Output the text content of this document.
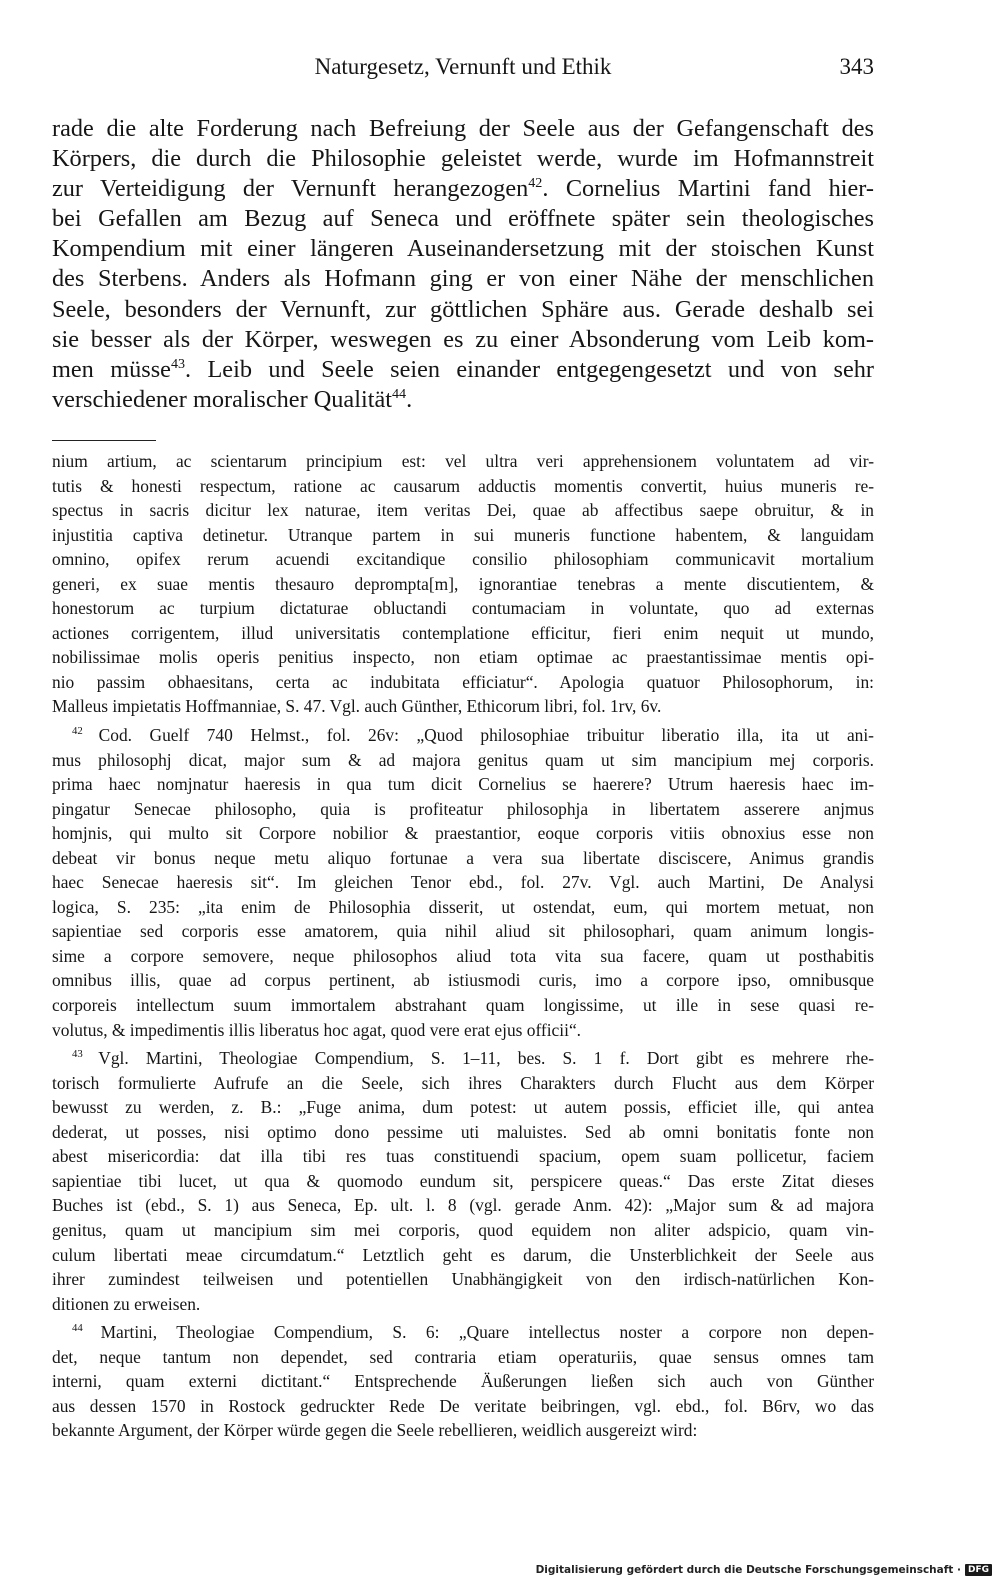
Naturgesetz, Vernunft und Ethik	343
rade die alte Forderung nach Befreiung der Seele aus der Gefangenschaft des
Körpers, die durch die Philosophie geleistet werde, wurde im Hofmannstreit
zur Verteidigung der Vernunft herangezogen$^{42}$. Cornelius Martini fand hier-
bei Gefallen am Bezug auf Seneca und eröffnete später sein theologisches
Kompendium mit einer längeren Auseinandersetzung mit der stoischen Kunst
des Sterbens. Anders als Hofmann ging er von einer Nähe der menschlichen
Seele, besonders der Vernunft, zur göttlichen Sphäre aus. Gerade deshalb sei
sie besser als der Körper, weswegen es zu einer Absonderung vom Leib kom-
men müsse$^{43}$. Leib und Seele seien einander entgegengesetzt und von sehr
verschiedener moralischer Qualität$^{44}$.
nium artium, ac scientarum principium est: vel ultra veri apprehensionem voluntatem ad vir-
tutis & honesti respectum, ratione ac causarum adductis momentis convertit, huius muneris re-
spectus in sacris dicitur lex naturae, item veritas Dei, quae ab affectibus saepe obruitur, & in
injustitia captiva detinetur. Utranque partem in sui muneris functione habentem, & languidam
omnino, opifex rerum acuendi excitandique consilio philosophiam communicavit mortalium
generi, ex suae mentis thesauro deprompta[m], ignorantiae tenebras a mente discutientem, &
honestorum ac turpium dictaturae obluctandi contumaciam in voluntate, quo ad externas
actiones corrigentem, illud universitatis contemplatione efficitur, fieri enim nequit ut mundo,
nobilissimae molis operis penitius inspecto, non etiam optimae ac praestantissimae mentis opi-
nio passim obhaesitans, certa ac indubitata efficiatur“. Apologia quatuor Philosophorum, in:
Malleus impietatis Hoffmanniae, S. 47. Vgl. auch Günther, Ethicorum libri, fol. 1rv, 6v.
$^{42}$ Cod. Guelf 740 Helmst., fol. 26v: „Quod philosophiae tribuitur liberatio illa, ita ut ani-
mus philosophj dicat, major sum & ad majora genitus quam ut sim mancipium mej corporis.
prima haec nomjnatur haeresis in qua tum dicit Cornelius se haerere? Utrum haeresis haec im-
pingatur Senecae philosopho, quia is profiteatur philosophja in libertatem asserere anjmus
homjnis, qui multo sit Corpore nobilior & praestantior, eoque corporis vitiis obnoxius esse non
debeat vir bonus neque metu aliquo fortunae a vera sua libertate disciscere, Animus grandis
haec Senecae haeresis sit“. Im gleichen Tenor ebd., fol. 27v. Vgl. auch Martini, De Analysi
logica, S. 235: „ita enim de Philosophia disserit, ut ostendat, eum, qui mortem metuat, non
sapientiae sed corporis esse amatorem, quia nihil aliud sit philosophari, quam animum longis-
sime a corpore semovere, neque philosophos aliud tota vita sua facere, quam ut posthabitis
omnibus illis, quae ad corpus pertinent, ab istiusmodi curis, imo a corpore ipso, omnibusque
corporeis intellectum suum immortalem abstrahant quam longissime, ut ille in sese quasi re-
volutus, & impedimentis illis liberatus hoc agat, quod vere erat ejus officii“.
$^{43}$ Vgl. Martini, Theologiae Compendium, S. 1–11, bes. S. 1 f. Dort gibt es mehrere rhe-
torisch formulierte Aufrufe an die Seele, sich ihres Charakters durch Flucht aus dem Körper
bewusst zu werden, z. B.: „Fuge anima, dum potest: ut autem possis, efficiet ille, qui antea
dederat, ut posses, nisi optimo dono pessime uti maluistes. Sed ab omni bonitatis fonte non
abest misericordia: dat illa tibi res tuas constituendi spacium, opem suam pollicetur, faciem
sapientiae tibi lucet, ut qua & quomodo eundum sit, perspicere queas.“ Das erste Zitat dieses
Buches ist (ebd., S. 1) aus Seneca, Ep. ult. l. 8 (vgl. gerade Anm. 42): „Major sum & ad majora
genitus, quam ut mancipium sim mei corporis, quod equidem non aliter adspicio, quam vin-
culum libertati meae circumdatum.“ Letztlich geht es darum, die Unsterblichkeit der Seele aus
ihrer zumindest teilweisen und potentiellen Unabhängigkeit von den irdisch-natürlichen Kon-
ditionen zu erweisen.
$^{44}$ Martini, Theologiae Compendium, S. 6: „Quare intellectus noster a corpore non depen-
det, neque tantum non dependet, sed contraria etiam operaturiis, quae sensus omnes tam
interni, quam externi dictitant.“ Entsprechende Äußerungen ließen sich auch von Günther
aus dessen 1570 in Rostock gedruckter Rede De veritate beibringen, vgl. ebd., fol. B6rv, wo das
bekannte Argument, der Körper würde gegen die Seele rebellieren, weidlich ausgereizt wird:
Digitalisierung gefördert durch die Deutsche Forschungsgemeinschaft · DFG
